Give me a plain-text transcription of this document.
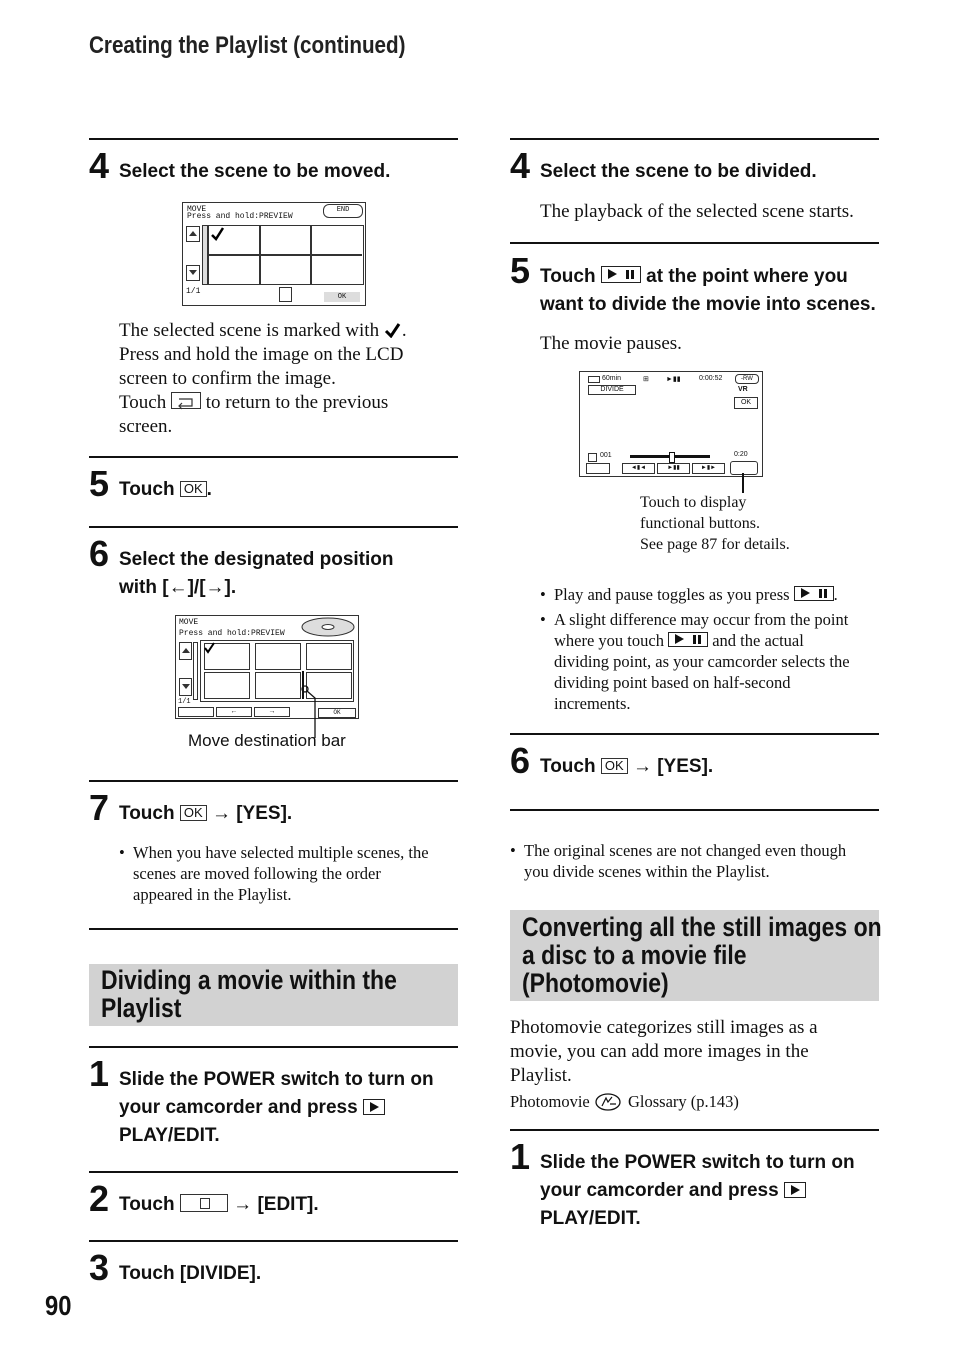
Creating the Playlist (continued)
4 Select the scene to be moved.
MOVE
Press and hold:PREVIEW
END
1/1
OK
The selected scene is marked with .
Press and hold the image on the LCD
screen to confirm the image.
Touch to return to the previous
screen.
5 Touch OK .
6 Select the designated position
with [←]/[→].
MOVE
Press and hold:PREVIEW
1/1
←	→	OK
Move destination bar
7 Touch OK → [YES].
• When you have selected multiple scenes, the
scenes are moved following the order
appeared in the Playlist.
Dividing a movie within the
Playlist
1 Slide the POWER switch to turn on
your camcorder and press
PLAY/EDIT.
2 Touch	→ [EDIT].
3 Touch [DIVIDE].
90
4 Select the scene to be divided.
The playback of the selected scene starts.
5 Touch	at the point where you
want to divide the movie into scenes.
The movie pauses.
60min	⊞ ►▮▮	0:00:52	-RW
VR
DIVIDE
OK
001	0:20
◄▮◄	►▮▮	►▮►
Touch to display
functional buttons.
See page 87 for details.
• Play and pause toggles as you press	.
• A slight difference may occur from the point
where you touch	and the actual
dividing point, as your camcorder selects the
dividing point based on half-second
increments.
6 Touch OK → [YES].
• The original scenes are not changed even though
you divide scenes within the Playlist.
Converting all the still images on
a disc to a movie file
(Photomovie)
Photomovie categorizes still images as a
movie, you can add more images in the
Playlist.
Photomovie Glossary (p.143)
1 Slide the POWER switch to turn on
your camcorder and press
PLAY/EDIT.
